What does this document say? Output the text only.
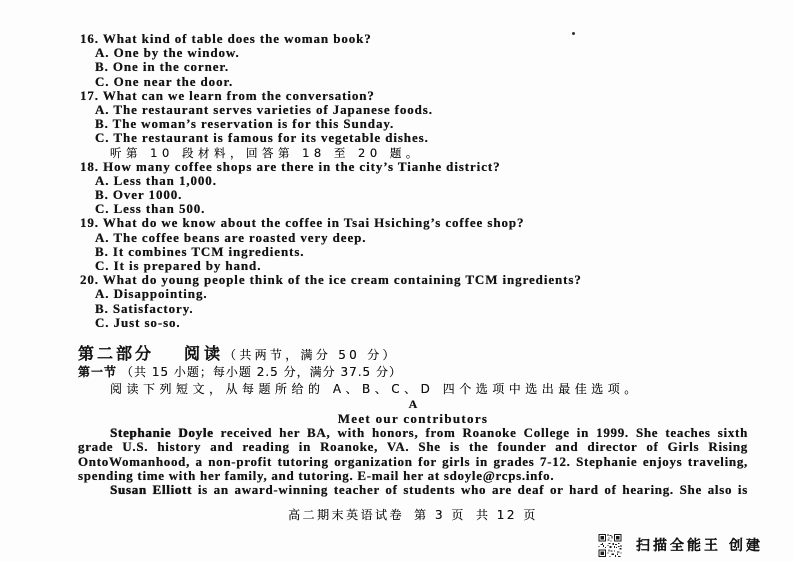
16. What kind of table does the woman book?
A. One by the window.
B. One in the corner.
C. One near the door.
17. What can we learn from the conversation?
A. The restaurant serves varieties of Japanese foods.
B. The woman’s reservation is for this Sunday.
C. The restaurant is famous for its vegetable dishes.
听第 10 段材料，回答第 18 至 20 题。
18. How many coffee shops are there in the city’s Tianhe district?
A. Less than 1,000.
B. Over 1000.
C. Less than 500.
19. What do we know about the coffee in Tsai Hsiching’s coffee shop?
A. The coffee beans are roasted very deep.
B. It combines TCM ingredients.
C. It is prepared by hand.
20. What do young people think of the ice cream containing TCM ingredients?
A. Disappointing.
B. Satisfactory.
C. Just so-so.
第二部分 阅读（共两节，满分 50 分）
第一节 （共 15 小题；每小题 2.5 分，满分 37.5 分）
阅读下列短文，从每题所给的 A、B、C、D 四个选项中选出最佳选项。
A
Meet our contributors
Stephanie Doyle received her BA, with honors, from Roanoke College in 1999. She teaches sixth
grade U.S. history and reading in Roanoke, VA. She is the founder and director of Girls Rising
OntoWomanhood, a non-profit tutoring organization for girls in grades 7-12. Stephanie enjoys traveling,
spending time with her family, and tutoring. E-mail her at sdoyle@rcps.info.
Susan Elliott is an award-winning teacher of students who are deaf or hard of hearing. She also is
高二期末英语试卷 第 3 页 共 12 页
扫描全能王 创建
